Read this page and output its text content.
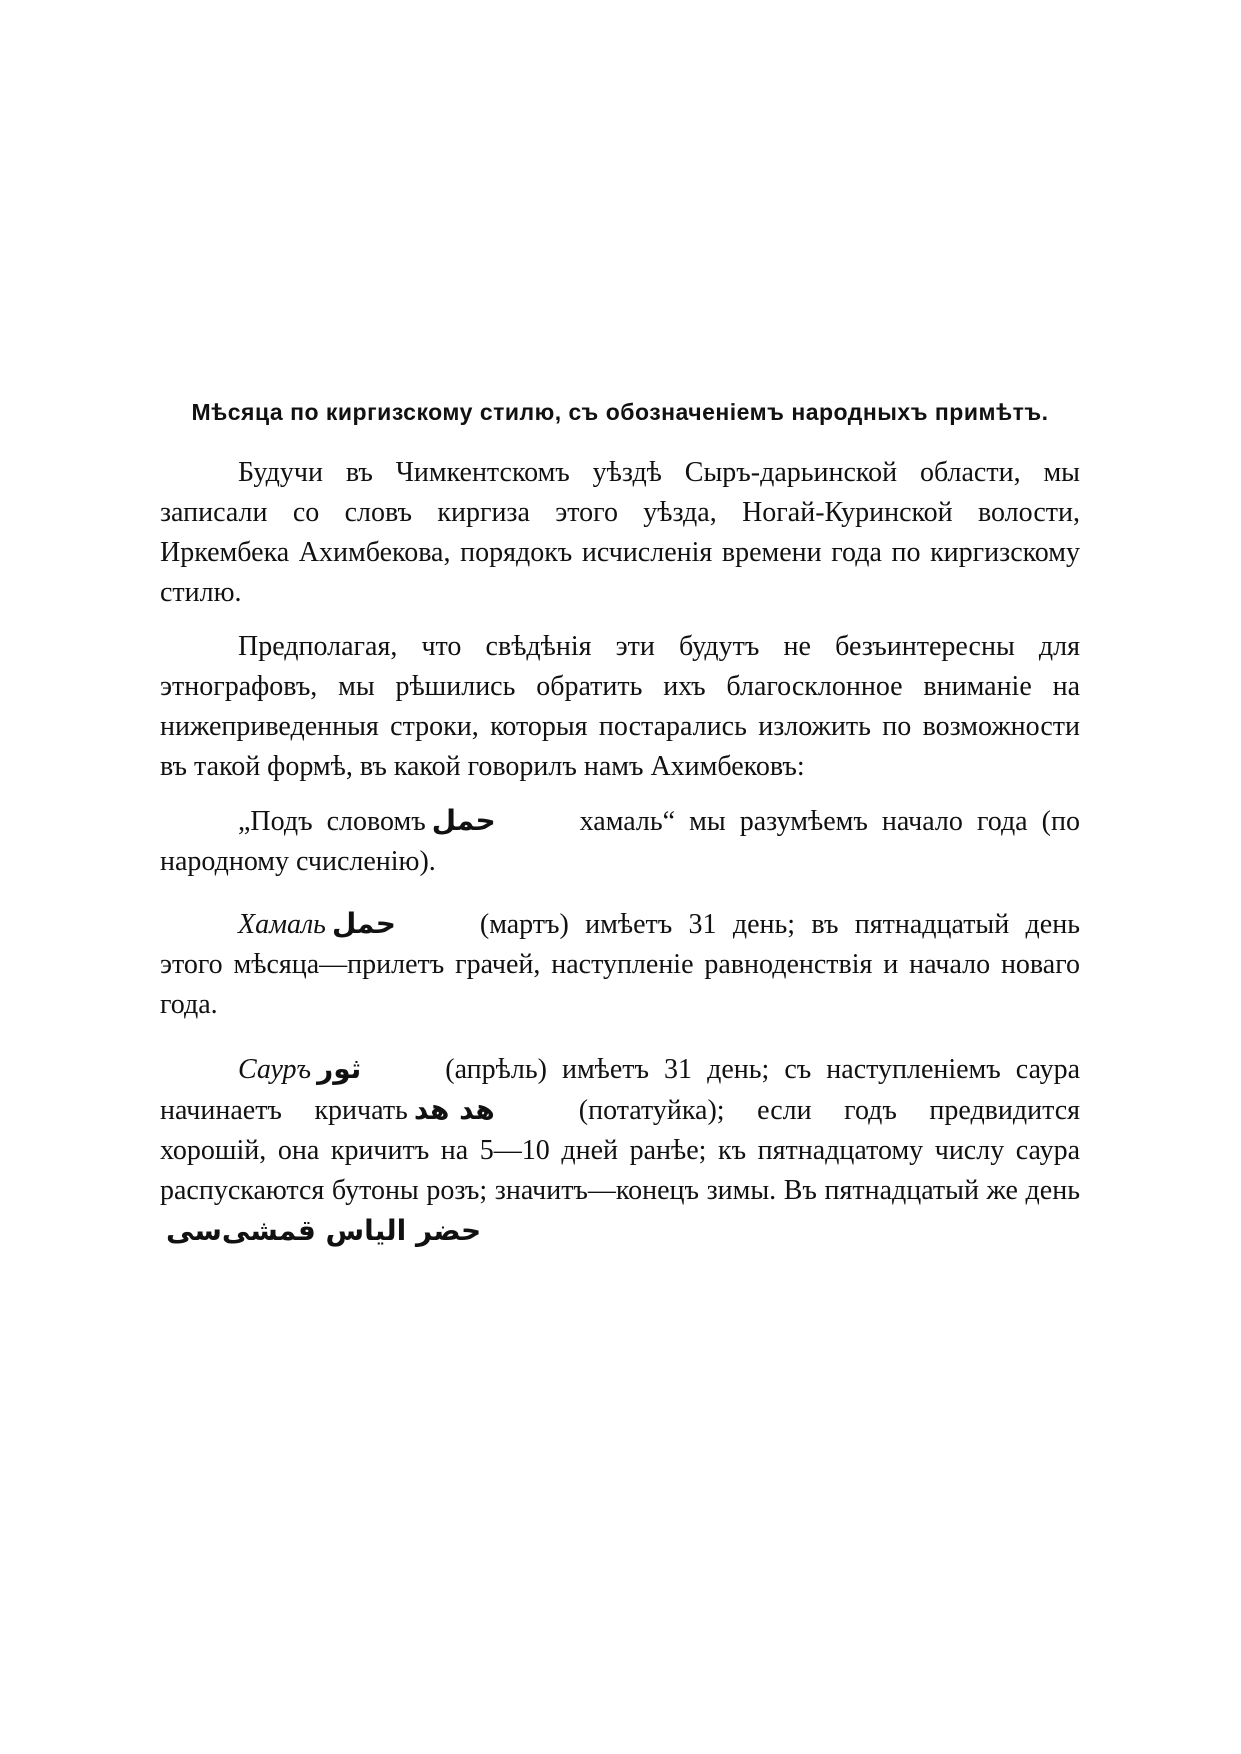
Мѣсяца по киргизскому стилю, съ обозначеніемъ народныхъ примѣтъ.

Будучи въ Чимкентскомъ уѣздѣ Сыръ-дарьинской области, мы записали со словъ киргиза этого уѣзда, Ногай-Куринской волости, Иркембека Ахимбекова, порядокъ исчисленія времени года по киргизскому стилю.

Предполагая, что свѣдѣнія эти будутъ не безъинтересны для этнографовъ, мы рѣшились обратить ихъ благосклонное вниманіе на нижеприведенныя строки, которыя постарались изложить по возможности въ такой формѣ, въ какой говорилъ намъ Ахимбековъ:

„Подъ словомъ حمل	хамаль“ мы разумѣемъ начало года (по народному счисленію).

Хамаль حمل	(мартъ) имѣетъ 31 день; въ пятнадцатый день этого мѣсяца—прилетъ грачей, наступленіе равноденствія и начало новаго года.

Сауръ ثور	(апрѣль) имѣетъ 31 день; съ наступленіемъ саура начинаетъ кричать هد هد	(потатуйка); если годъ предвидится хорошій, она кричитъ на 5—10 дней ранѣе; къ пятнадцатому числу саура распускаются бутоны розъ; значитъ—конецъ зимы. Въ пятнадцатый же деньحضر الیاس قمشی‌سی
